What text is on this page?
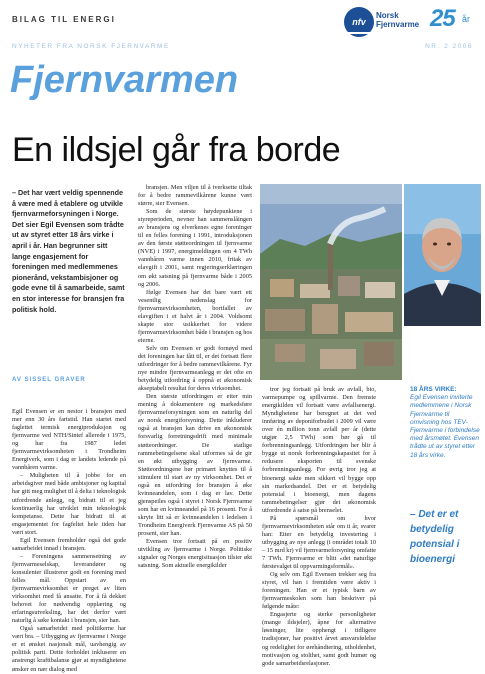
BILAG TIL ENERGI	nfv
Norsk
Fjernvarme 25 år
NYHETER FRA NORSK FJERNVARME	NR. 2 2006
Fjernvarmen
En ildsjel går fra borde
– Det har vært veldig spennende å være med å etablere og utvikle fjernvarmeforsyningen i Norge. Det sier Egil Evensen som trådte ut av styret etter 18 års virke i april i år. Han begrunner sitt lange engasjement for foreningen med medlemmenes pionerånd, vekstambisjoner og gode evne til å samarbeide, samt en stor interesse for bransjen fra politisk hold.
AV SISSEL GRAVER

Egil Evensen er en nestor i bransjen med mer enn 30 års fartstid. Han startet med faglettet termisk energiproduksjon og fjernvarme ved NTH/Sintef allerede i 1975, og har fra 1987 ledet fjernvarmevirksomheten i Trondheim Energiverk, som i dag er landets ledende på vannbåren varme.

– Muligheten til å jobbe for en arbeidsgiver med både ambisjoner og kapital har gitt meg mulighet til å delta i teknologisk utfordrende anlegg, og bidratt til et jeg kontinuerlig har utviklet min teknologisk kompetanse. Dette har bidratt til at engasjementet for fagfeltet hele tiden har vært stort.

Egil Evensen fremholder også det gode samarbeidet innad i bransjen.

– Foreningens sammensetning av fjernvarmeselskap, leverandører og konsulenter illustrerer godt en forening med felles mål. Oppstart av en fjernvarmevirksomhet er preget av liten virksomhet med få ansatte. For å få dekket behovet for nødvendig opplæring og erfaringsutveksling, har det derfor vært naturlig å søke kontakt i bransjen, sier han.

Også samarbeidet med politikerne har vært bra. – Utbygging av fjernvarme i Norge er et ønsket nasjonalt mål, uavhengig av politisk parti. Dette forholdet inkluserer en anstrengt krafttbalanse gjør at myndighetene ønsker en nær dialog med

bransjen. Men viljen til å iverksette tiltak for å bedre rammevilkårene kunne vært større, sier Evensen.

Som de største høydepunktene i styreperioden, nevner han sammenslåingen av bransjens og elverkenes egne foreninger til en felles forening i 1991, introduksjonen av den første støtteordningen til fjernvarme (NVE) i 1997, energimeldingen om 4 TWh vannbåren varme innen 2010, fritak av elavgift i 2001, samt regjeringserklæringen om økt satsning på fjernvarme både i 2005 og 2006.

Ifølge Evensen har det bare vært ett vesentlig nedenslag for fjernvarmevirksomheten, bortfallet av elavgiften i et halvt år i 2004. Voldsomt skapte stor usikkerhet for videre fjernvarmevirksomhet både i bransjen og hos eierne.

Selv om Evensen er godt fornøyd med det foreningen har fått til, er det fortsatt flere utfordringer for å bedre rammevilkårene. Fyr nye mindre fjernvarmeanlegg er det ofte en betydelig utfordring å oppnå et økonomisk akseptabelt resultat for deres virksomhet.

Den største utfordringen er etter min mening å dokumentere og markedsføre fjernvarmeforsyningen som en naturlig del av norsk energiforsyning. Dette inkluderer også at bransjen kan drive en økonomisk forsvarlig forretningsdrift med minimale støtteordninger. De statlige rammebetingelsene skal utformes så de gir en økt utbygging av fjernvarme. Støtteordningene bør primært knyttes til å stimulere til start av ny virksomhet. Det er også en utfordring for bransjen å øke kvinneandelen, som i dag er lav. Dette gjenspeiles også i styret i Norsk Fjernvarme som har en kvinneandel på 16 prosent. For å skryte litt så er kvinneandelen i ledelsen i Trondheim Energiverk Fjernvarme AS på 50 prosent, sier han.

Evensen tror fortsatt på en positiv utvikling av fjernvarme i Norge. Politiske signaler og Norges energisituasjon tilsier økt satsning. Som aktuelle energikilder

tror jeg fortsatt på bruk av avfall, bio, varmepumpe og spillvarme. Den fremste energikilden vil fortsatt være avfallsenergi. Myndighetene har beregnet at det ved innføring av deponiforbudet i 2009 vil være over én million tonn avfall per år (dette utgjør 2,5 TWh) som bør gå til forbrenningsanlegg. Utfordringen her blir å bygge ut norsk forbrenningskapasitet for å redusere eksporten til svenske forbrenningsanlegg. For øvrig tror jeg at bioenergi sakte men sikkert vil bygge opp sin markedsandel. Det er et betydelig potensial i bioenergi, men dagens rammebetingelser gjør det økonomisk utfordrende å satse på brenselet.

På spørsmål om hvor fjernvarmevirksomheten står om ti år, svarer han: Etter en betydelig investering i utbygging av nye anlegg (i området totalt 10 – 15 mrd kr) vil fjernvarmeforsyning omfatte 7 TWh. Fjernvarme er blitt «det naturlige førstevalget til oppvarmingsformål».

Og selv om Egil Evensen trekker seg fra styret, vil han i fremtiden være aktiv i foreningen. Han er et typisk barn av fjernvarmeskolen som han beskriver på følgende måte:

Engasjerte og sterke personligheter (mange ildsjeler), åpne for alternative løsninger, lite opphengt i tidligere tradisjoner, har positivt årvet ansvarsfølelse og redelighet for ørehåndtering, utholdenhet, motivasjon og stolthet, samt godt humør og gode samarbeidsrelasjoner.

18 ÅRS VIRKE:
Egil Evensen inviterte medlemmene i Norsk Fjernvarme til omvisning hos TEV-Fjernvarme i forbindelse med årsmøtet. Evensen trådte ut av styret etter 18 års virke.
– Det er et betydelig potensial i bioenergi
